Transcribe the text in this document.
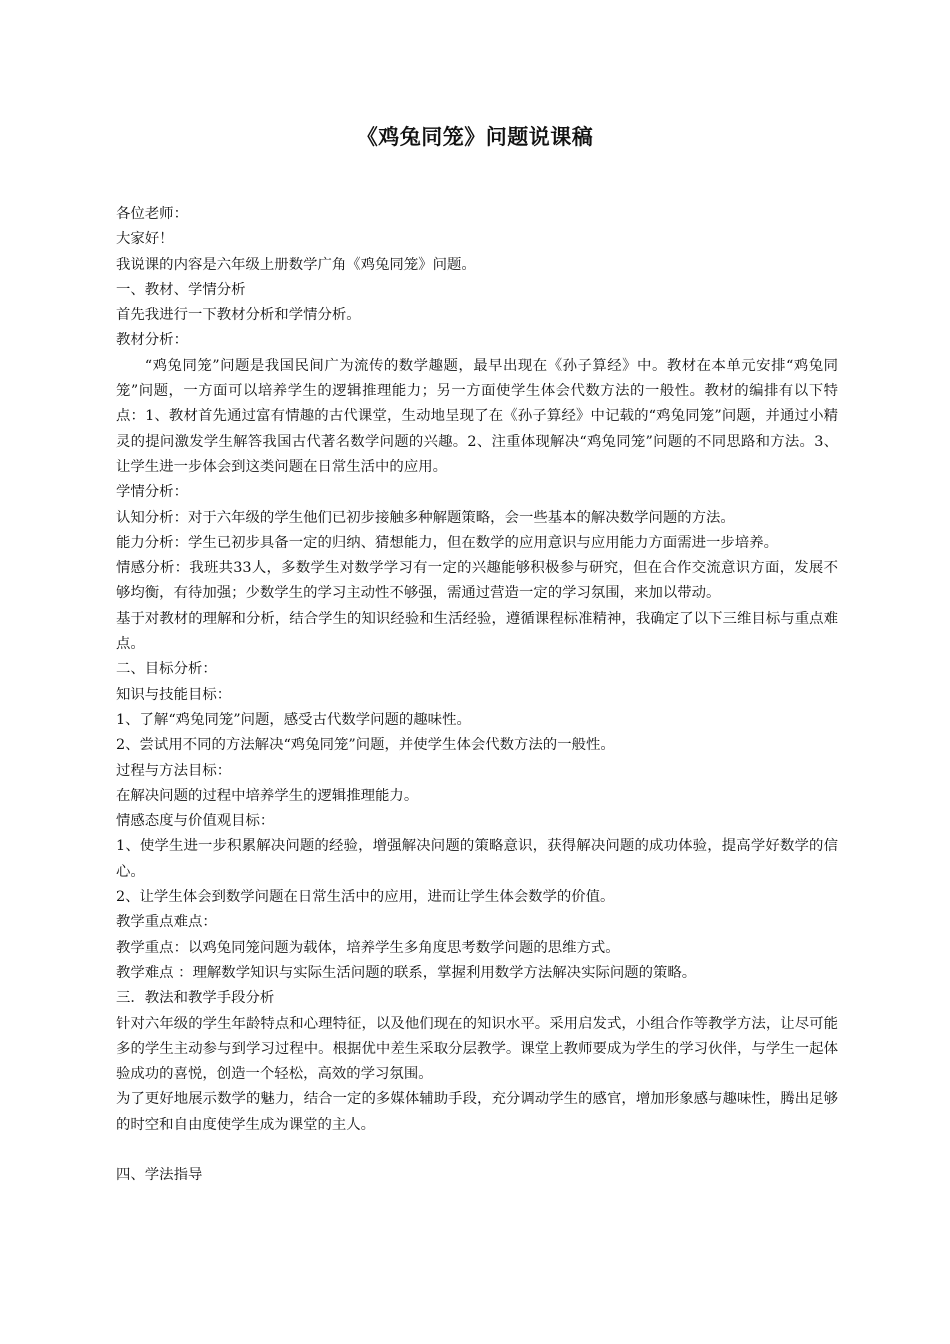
《鸡兔同笼》问题说课稿

各位老师：

大家好！

我说课的内容是六年级上册数学广角《鸡兔同笼》问题。

一、教材、学情分析

首先我进行一下教材分析和学情分析。

教材分析：

“鸡兔同笼”问题是我国民间广为流传的数学趣题，最早出现在《孙子算经》中。教材在本单元安排“鸡兔同笼”问题，一方面可以培养学生的逻辑推理能力；另一方面使学生体会代数方法的一般性。教材的编排有以下特点：1、教材首先通过富有情趣的古代课堂，生动地呈现了在《孙子算经》中记载的“鸡兔同笼”问题，并通过小精灵的提问激发学生解答我国古代著名数学问题的兴趣。2、注重体现解决“鸡兔同笼”问题的不同思路和方法。3、让学生进一步体会到这类问题在日常生活中的应用。

学情分析：

认知分析：对于六年级的学生他们已初步接触多种解题策略，会一些基本的解决数学问题的方法。

能力分析：学生已初步具备一定的归纳、猜想能力，但在数学的应用意识与应用能力方面需进一步培养。

情感分析：我班共33人，多数学生对数学学习有一定的兴趣能够积极参与研究，但在合作交流意识方面，发展不够均衡，有待加强；少数学生的学习主动性不够强，需通过营造一定的学习氛围，来加以带动。

基于对教材的理解和分析，结合学生的知识经验和生活经验，遵循课程标准精神，我确定了以下三维目标与重点难点。

二、目标分析：

知识与技能目标：

1、了解“鸡兔同笼”问题，感受古代数学问题的趣味性。

2、尝试用不同的方法解决“鸡兔同笼”问题，并使学生体会代数方法的一般性。

过程与方法目标：

在解决问题的过程中培养学生的逻辑推理能力。

情感态度与价值观目标：

1、使学生进一步积累解决问题的经验，增强解决问题的策略意识，获得解决问题的成功体验，提高学好数学的信心。

2、让学生体会到数学问题在日常生活中的应用，进而让学生体会数学的价值。

教学重点难点：

教学重点：以鸡兔同笼问题为载体，培养学生多角度思考数学问题的思维方式。

教学难点 ：理解数学知识与实际生活问题的联系，掌握利用数学方法解决实际问题的策略。

三．教法和教学手段分析

针对六年级的学生年龄特点和心理特征，以及他们现在的知识水平。采用启发式，小组合作等教学方法，让尽可能多的学生主动参与到学习过程中。根据优中差生采取分层教学。课堂上教师要成为学生的学习伙伴，与学生一起体验成功的喜悦，创造一个轻松，高效的学习氛围。

为了更好地展示数学的魅力，结合一定的多媒体辅助手段，充分调动学生的感官，增加形象感与趣味性，腾出足够的时空和自由度使学生成为课堂的主人。

四、学法指导
